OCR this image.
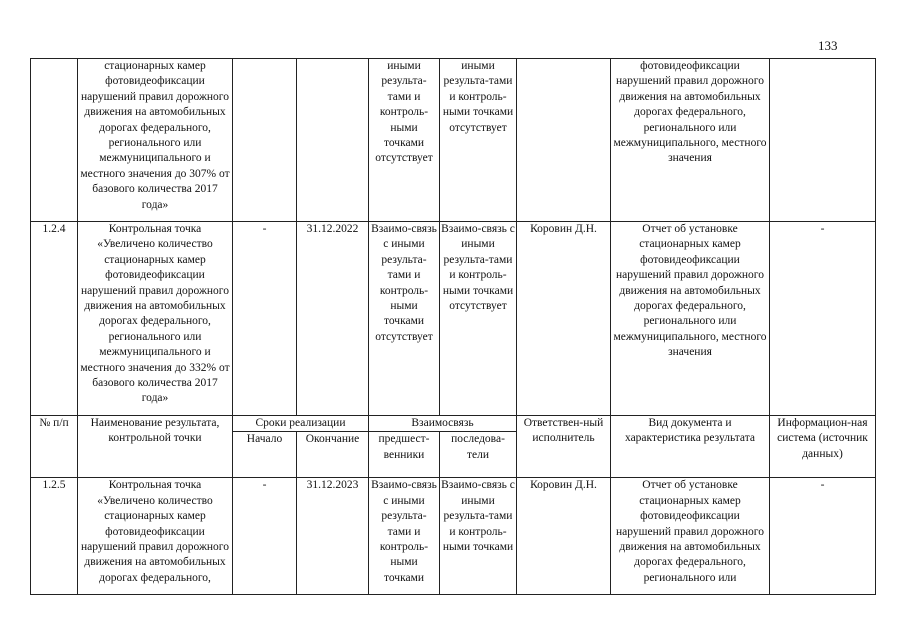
133
	стационарных камер фотовидеофиксации нарушений правил дорожного движения на автомобильных дорогах федерального, регионального или межмуниципального и местного значения до 307% от базового количества 2017 года»			иными результа-тами и контроль-ными точками отсутствует	иными результа-тами и контроль-ными точками отсутствует		фотовидеофиксации нарушений правил дорожного движения на автомобильных дорогах федерального, регионального или межмуниципального, местного значения	
1.2.4	Контрольная точка «Увеличено количество стационарных камер фотовидеофиксации нарушений правил дорожного движения на автомобильных дорогах федерального, регионального или межмуниципального и местного значения до 332% от базового количества 2017 года»	-	31.12.2022	Взаимо-связь с иными результа-тами и контроль-ными точками отсутствует	Взаимо-связь с иными результа-тами и контроль-ными точками отсутствует	Коровин Д.Н.	Отчет об установке стационарных камер фотовидеофиксации нарушений правил дорожного движения на автомобильных дорогах федерального, регионального или межмуниципального, местного значения	-
№ п/п	Наименование результата, контрольной точки	Сроки реализации		Взаимосвязь		Ответствен-ный исполнитель	Вид документа и характеристика результата	Информацион-ная система (источник данных)
		Начало	Окончание	предшест-венники	последова-тели			
1.2.5	Контрольная точка «Увеличено количество стационарных камер фотовидеофиксации нарушений правил дорожного движения на автомобильных дорогах федерального,	-	31.12.2023	Взаимо-связь с иными результа-тами и контроль-ными точками	Взаимо-связь с иными результа-тами и контроль-ными точками	Коровин Д.Н.	Отчет об установке стационарных камер фотовидеофиксации нарушений правил дорожного движения на автомобильных дорогах федерального, регионального или	-
